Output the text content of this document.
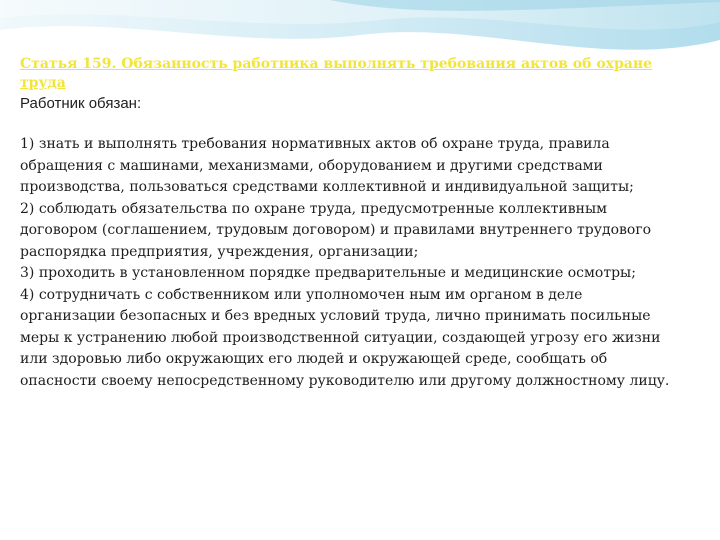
Статья 159. Обязанность работника выполнять требования актов об охране труда

Работник обязан:

1) знать и выполнять требования нормативных актов об охране труда, правила обращения с машинами, механизмами, оборудованием и другими средствами производства, пользоваться средствами коллективной и индивидуальной защиты;

2) соблюдать обязательства по охране труда, предусмотренные коллективным договором (соглашением, трудовым договором) и правилами внутреннего трудового распорядка предприятия, учреждения, организации;

3) проходить в установленном порядке предварительные и медицинские осмотры;

4) сотрудничать с собственником или уполномочен ным им органом в деле организации безопасных и без вредных условий труда, лично принимать посильные меры к устранению любой производственной ситуации, создающей угрозу его жизни или здоровью либо окружающих его людей и окружающей среде, сообщать об опасности своему непосредственному руководителю или другому должностному лицу.
